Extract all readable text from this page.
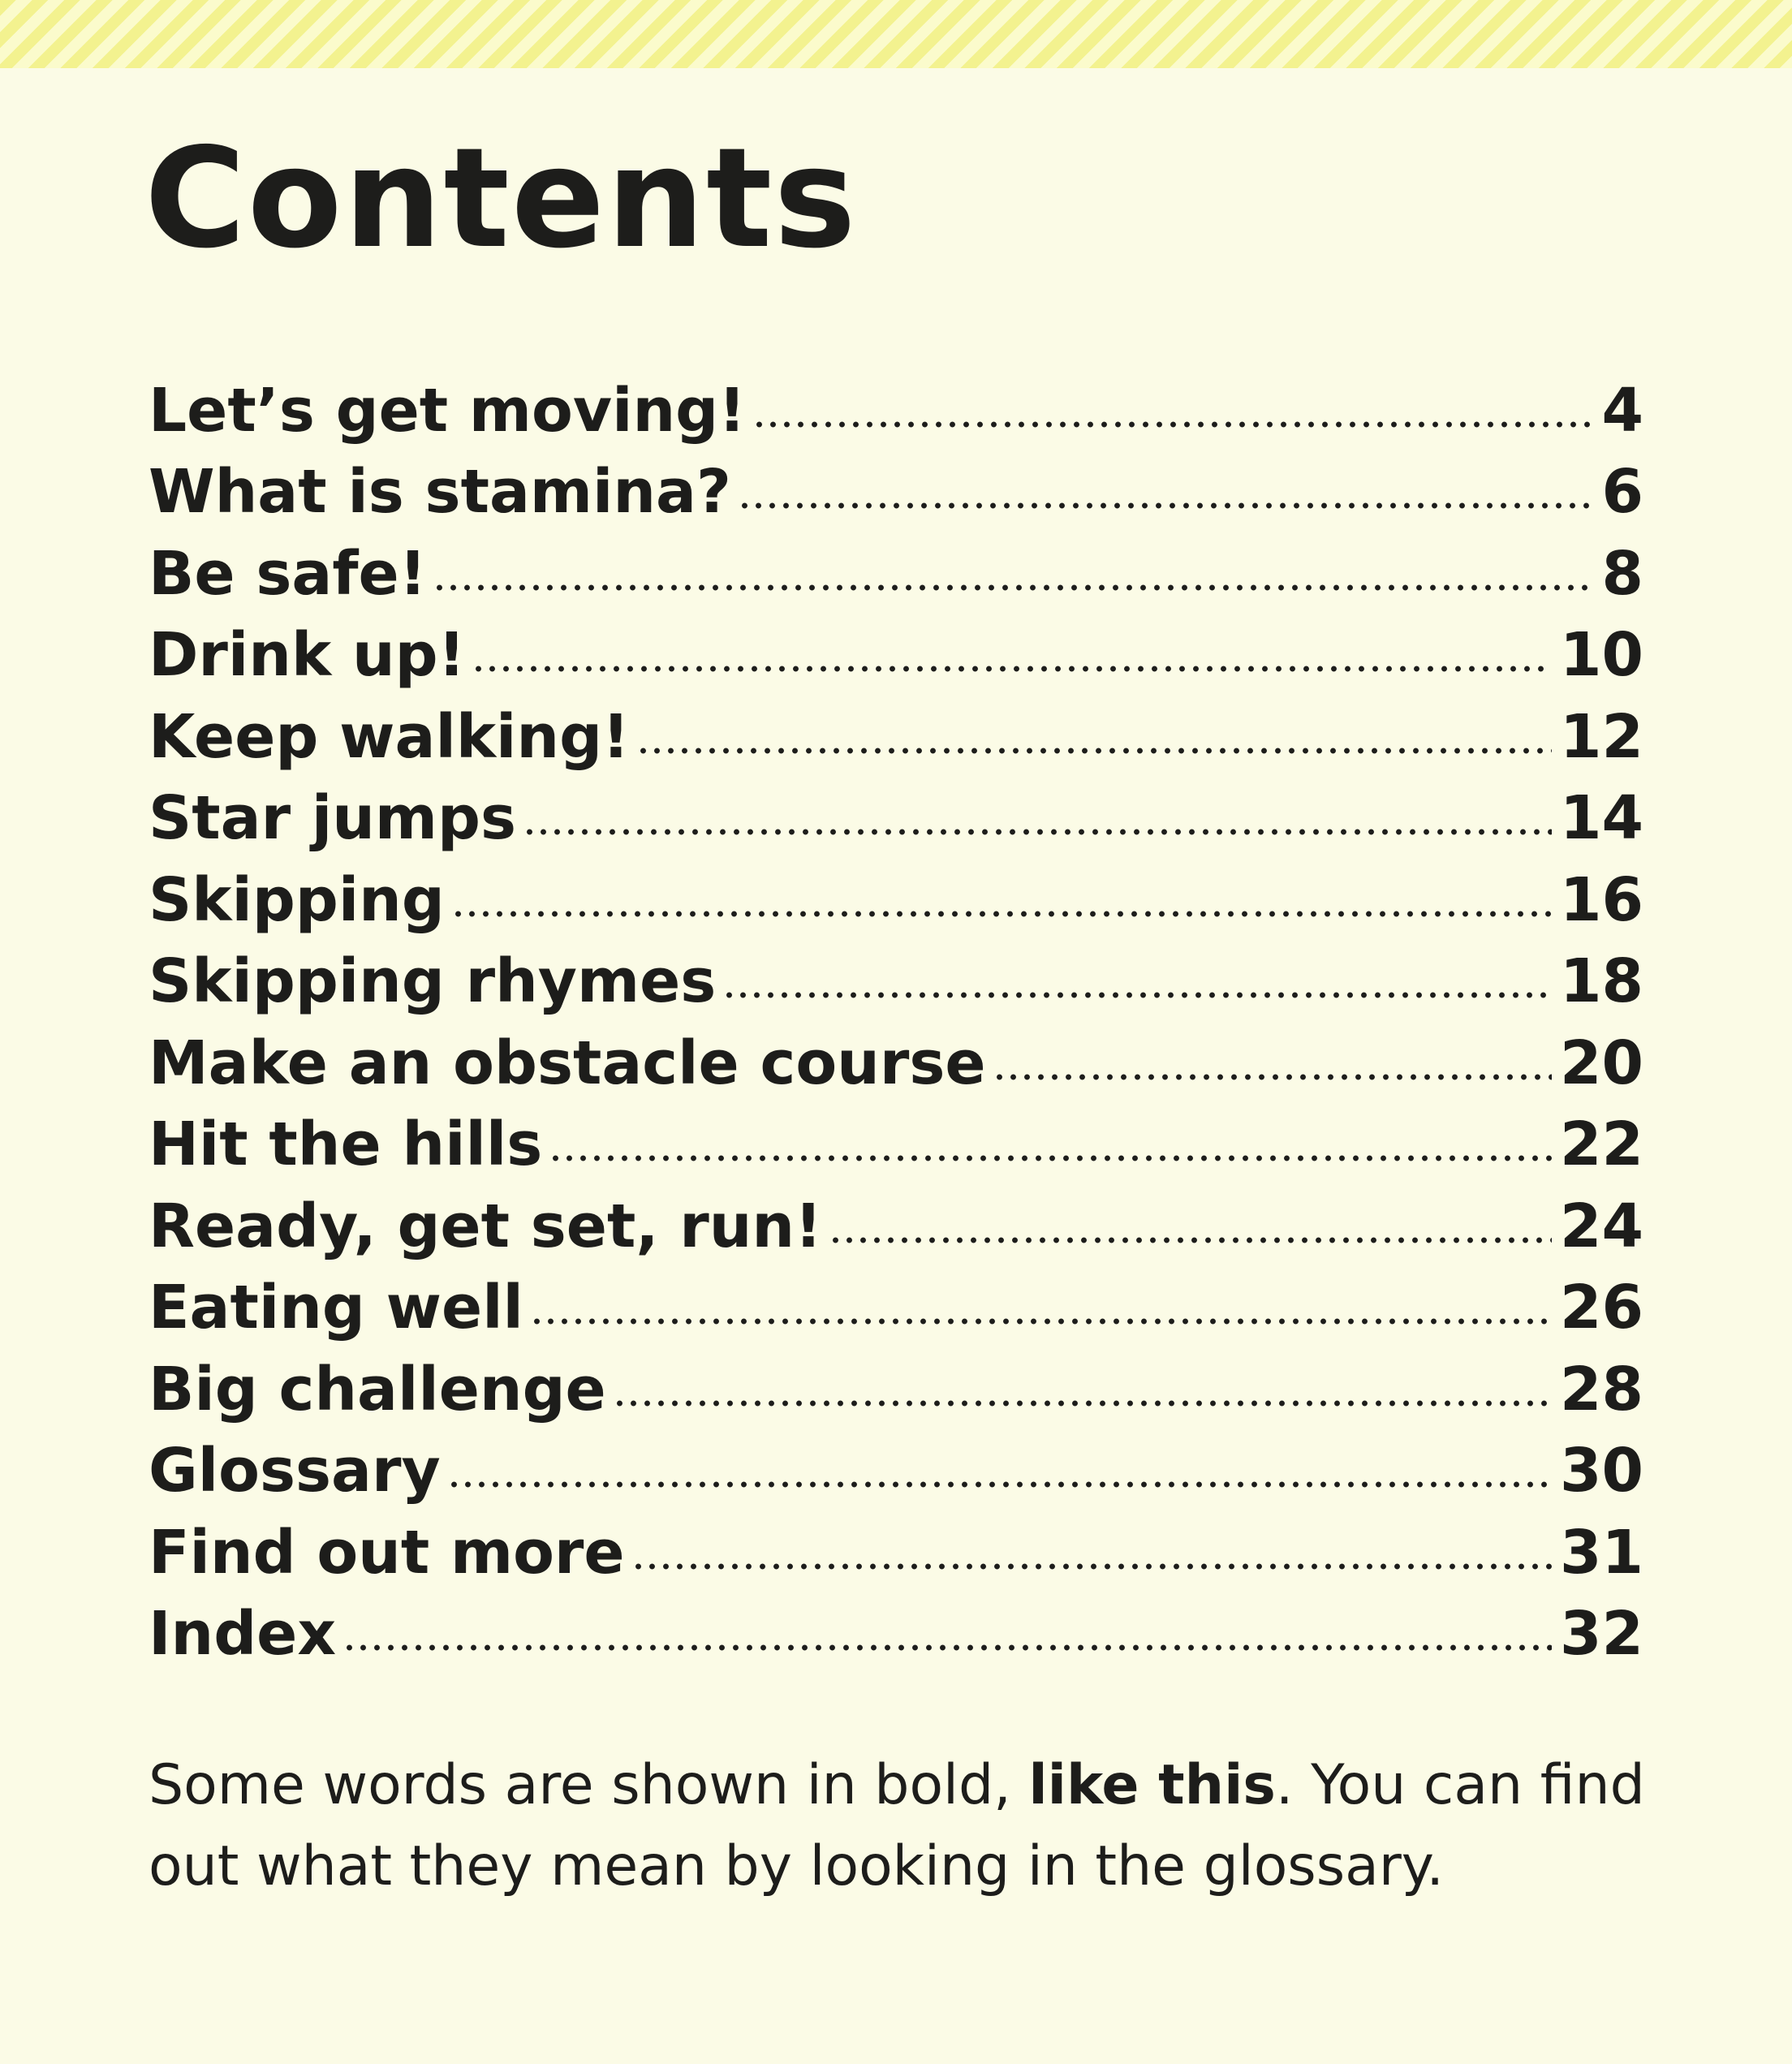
Contents
Let’s get moving!	4
What is stamina?	6
Be safe!	8
Drink up!	10
Keep walking!	12
Star jumps	14
Skipping	16
Skipping rhymes	18
Make an obstacle course	20
Hit the hills	22
Ready, get set, run!	24
Eating well	26
Big challenge	28
Glossary	30
Find out more	31
Index	32

Some words are shown in bold, like this. You can find out what they mean by looking in the glossary.
